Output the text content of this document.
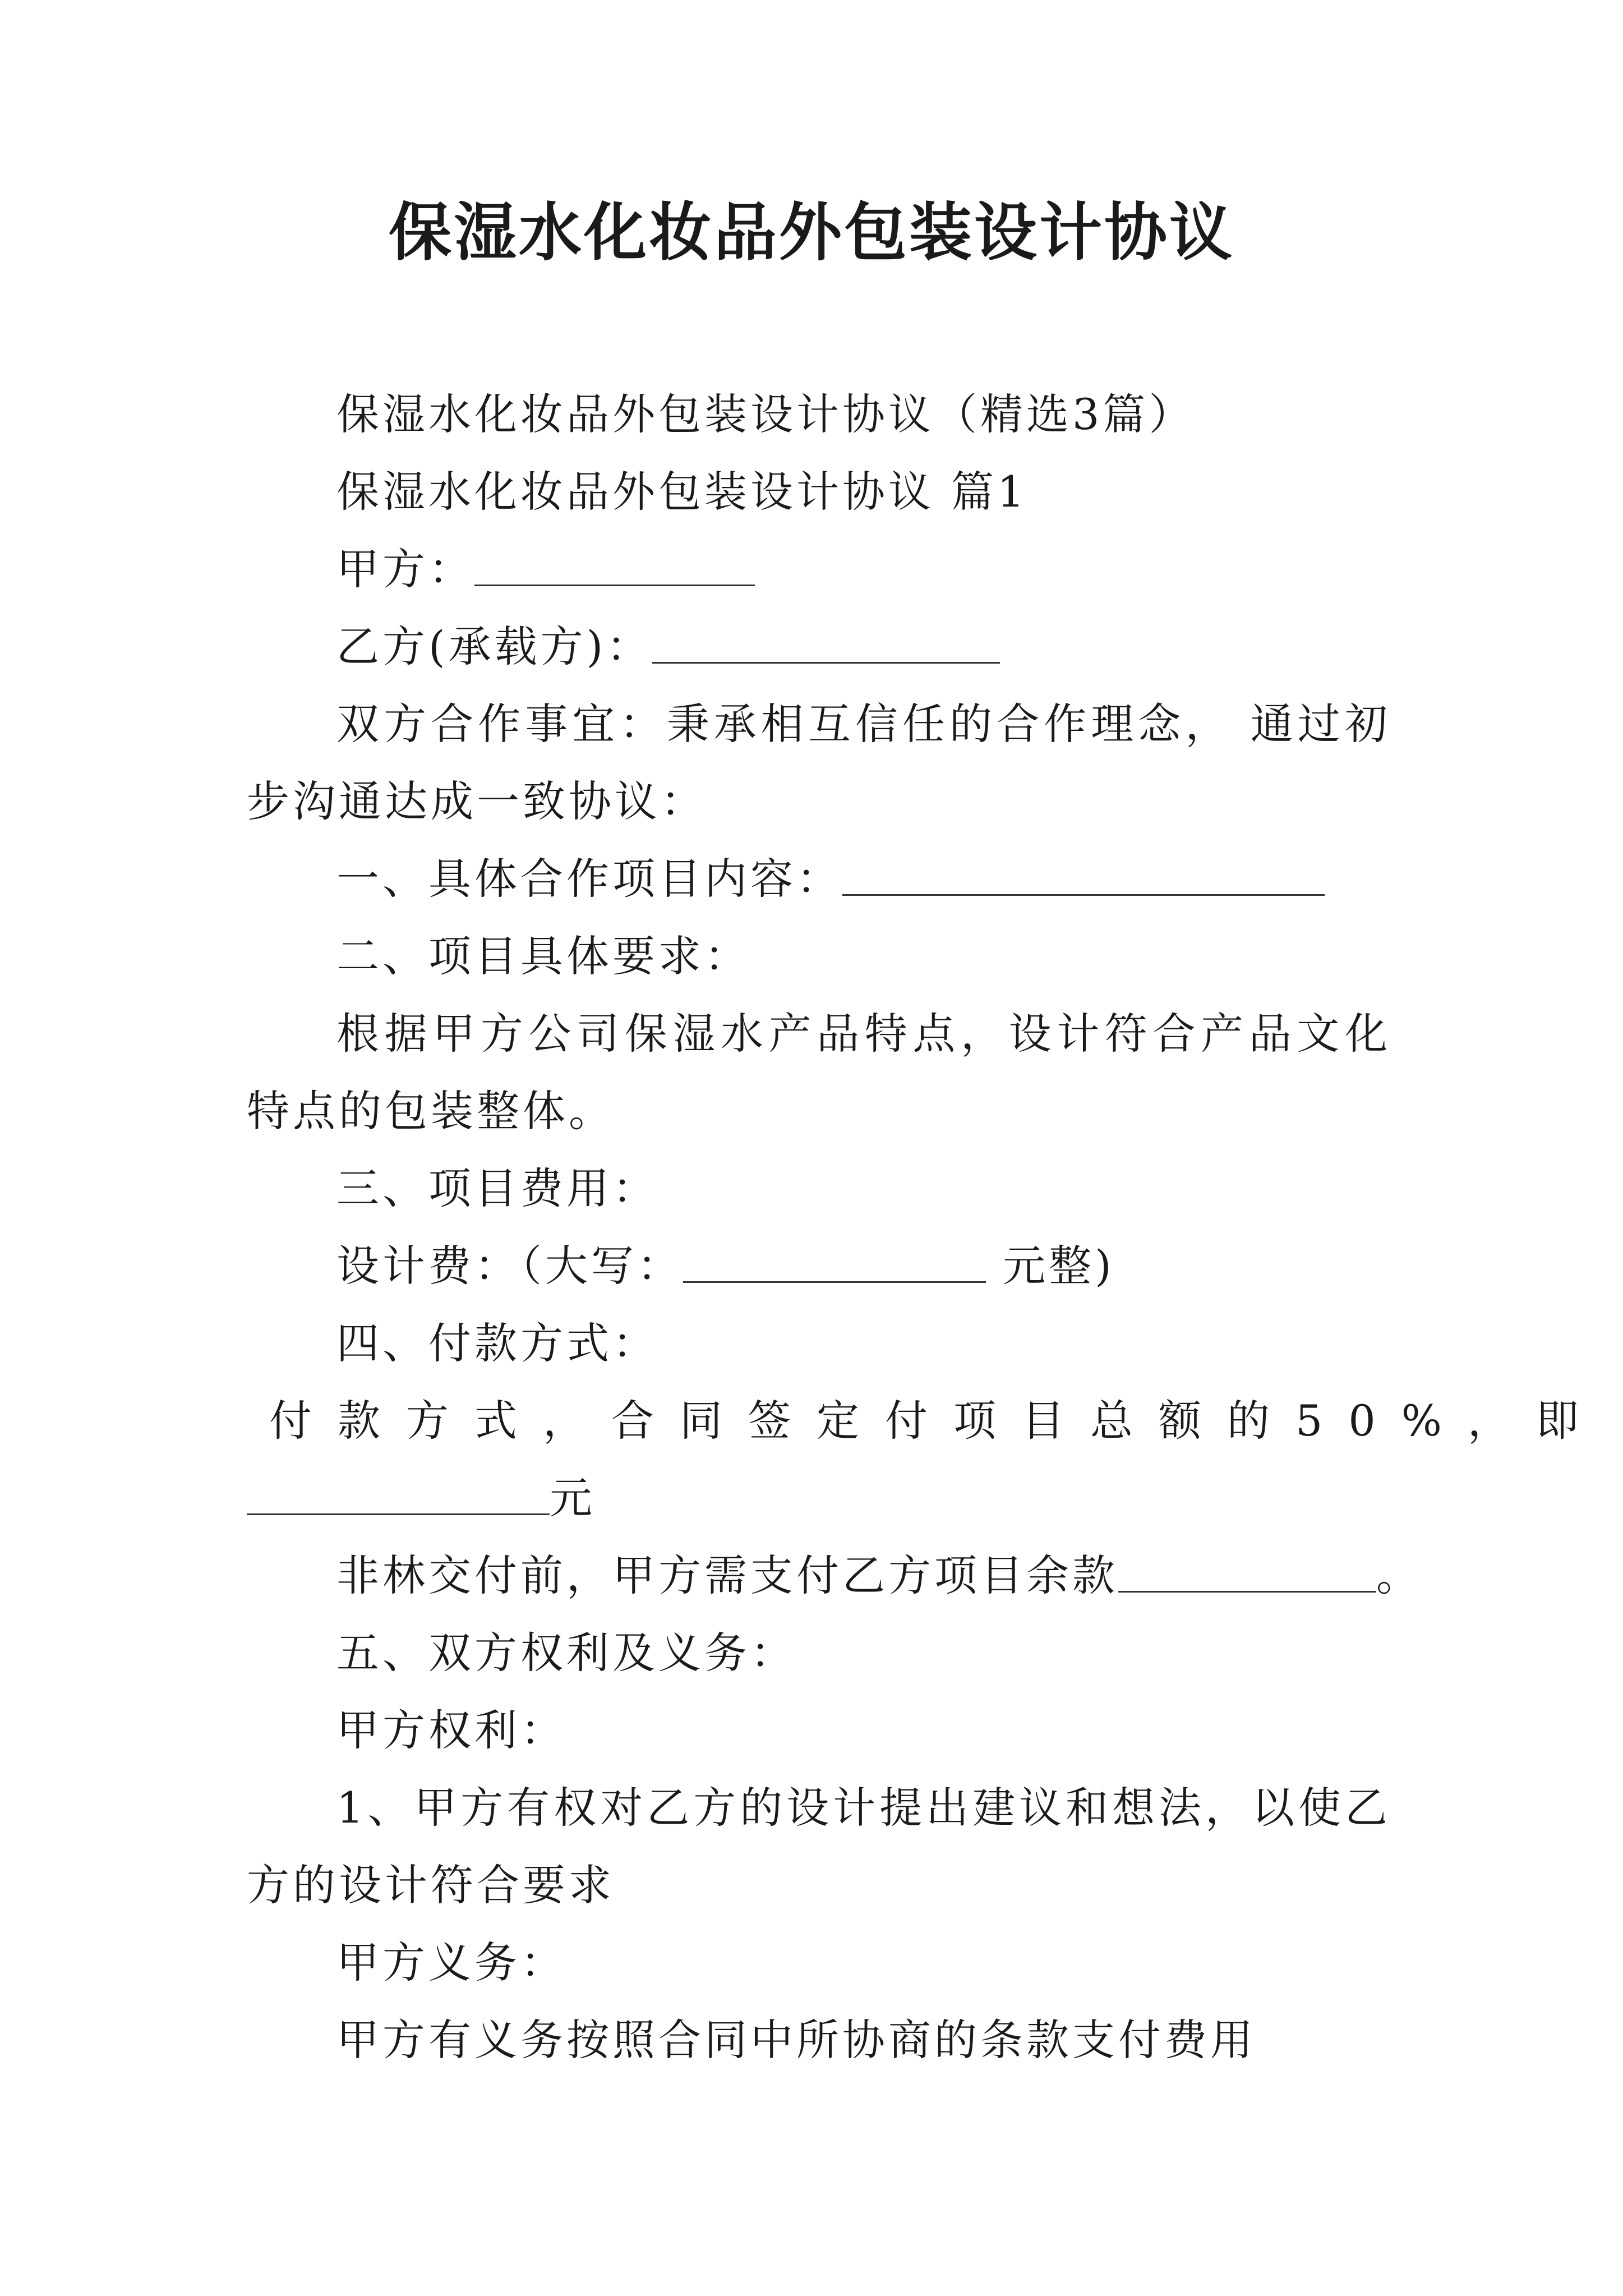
保湿水化妆品外包装设计协议

保湿水化妆品外包装设计协议（精选3篇）

保湿水化妆品外包装设计协议 篇1

甲方：

乙方(承载方)：

双方合作事宜：秉承相互信任的合作理念， 通过初步沟通达成一致协议：

一、具体合作项目内容：

二、项目具体要求：

根据甲方公司保湿水产品特点，设计符合产品文化特点的包装整体。

三、项目费用：

设计费：（大写：	元整)

四、付款方式：

付款方式，合同签定付项目总额的50%，即

元

非林交付前，甲方需支付乙方项目余款	。

五、双方权利及义务：

甲方权利：

1、甲方有权对乙方的设计提出建议和想法，以使乙方的设计符合要求

甲方义务：

甲方有义务按照合同中所协商的条款支付费用
